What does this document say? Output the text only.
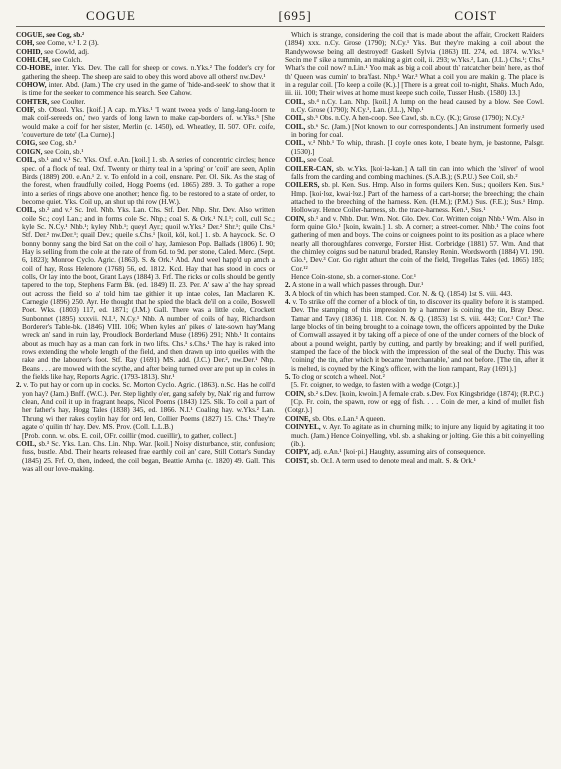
COGUE	[695]	COIST

COGUE, see Cog, sb.²

COH, see Come, v.¹ I. 2 (3).

COHID, see Cowld, adj.

COHLCH, see Colch.

CO-HOBE, inter. Yks. Dev. The call for sheep or cows. n.Yks.² The fodder's cry for gathering the sheep. The sheep are said to obey this word above all others! nw.Dev.¹

COHOW, inter. Abd. (Jam.) The cry used in the game of 'hide-and-seek' to show that it is time for the seeker to commence his search. See Cahow.

COHTER, see Coulter.

COIF, sb. Obsol. Yks. [koif.] A cap. m.Yks.¹ 'I want tweea yeds o' lang-lang-loorn te mak coif-sereeds on,' two yards of long lawn to make cap-borders of. w.Yks.⁵ [She would make a coif for her sister, Merlin (c. 1450), ed. Wheatley, II. 507. OFr. coife, 'couverture de tete' (La Curne).]

COIG, see Cog, sb.³

COIGN, see Coin, sb.¹

COIL, sb.¹ and v.¹ Sc. Yks. Oxf. e.An. [koil.] 1. sb. A series of concentric circles; hence spec. of a flock of teal. Oxf. Twenty or thirty teal in a 'spring' or 'coil' are seen, Aplin Birds (1889) 200. e.An.¹ 2. v. To enfold in a coil, ensnare. Per. Ol. Sik. As the stag of the forest, when fraudfully coiled, Hogg Poems (ed. 1865) 289. 3. To gather a rope into a series of rings above one another; hence fig. to be restored to a state of order, to become quiet. Yks. Coil up, an shut up thi row (H.W.).

COIL, sb.² and v.² Sc. Irel. Nhb. Yks. Lan. Chs. Stf. Der. Nhp. Shr. Dev. Also written coile Sc.; coyl Lan.; and in forms cole Sc. Nhp.; coal S. & Ork.¹ N.I.¹; coll, cull Sc.; kyle Sc. N.Cy.¹ Nhb.¹; kyley Nhb.¹; queyl Ayr.; quoil w.Yks.² Der.² Shr.¹; quile Chs.¹ Stf. Der.² nw.Der.¹; quail Dev.; queile s.Chs.¹ [koil, köl, kol.] 1. sb. A haycock. Sc. O bonny bonny sang the bird Sat on the coil o' hay, Jamieson Pop. Ballads (1806) I. 90; Hay is selling from the cole at the rate of from 6d. to 9d. per stone, Caled. Merc. (Sept. 6, 1823); Monroe Cyclo. Agric. (1863). S. & Ork.¹ Abd. And weel happ'd up amch a coil of hay, Ross Helenore (1768) 56, ed. 1812. Kcd. Hay that has stood in cocs or colls, Or lay into the boot, Grant Lays (1884) 3. Frf. The ricks or colls should be gently tapered to the top, Stephens Farm Bk. (ed. 1849) II. 23. Per. A' saw a' the hay spread out across the field so a' told him tae githier it up intae coles, Ian Maclaren K. Carnegie (1896) 250. Ayr. He thought that he spied the black de'il on a coile, Boswell Poet. Wks. (1803) 117, ed. 1871; (J.M.) Gall. There was a little cole, Crockett Sunbonnet (1895) xxxvii. N.I.¹, N.Cy.¹ Nhb. A number of coils of hay, Richardson Borderer's Table-bk. (1846) VIII. 106; When kyles an' pikes o' late-sown hay'Mang wreck an' sand in ruin lay, Proudlock Borderland Muse (1896) 291; Nhb.¹ It contains about as much hay as a man can fork in two lifts. Chs.¹ s.Chs.¹ The hay is raked into rows extending the whole length of the field, and then drawn up into queiles with the rake and the labourer's foot. Stf. Ray (1691) MS. add. (J.C.) Der.², nw.Der.¹ Nhp. Beans . . . are mowed with the scythe, and after being turned over are put up in coles in the fields like hay, Reports Agric. (1793-1813). Shr.¹

2. v. To put hay or corn up in cocks. Sc. Morton Cyclo. Agric. (1863). n.Sc. Has he coll'd yon hay? (Jam.) Bnff. (W.C.). Per. Step lightly o'er, gang safely by, Nak' rig and furrow clean, And coil it up in fragrant heaps, Nicol Poems (1843) 125. Slk. To coil a part of her father's hay, Hogg Tales (1838) 345, ed. 1866. N.I.¹ Coaling hay. w.Yks.² Lan. Thrung wi ther rakes coylin hay for ord Ien, Collier Poems (1827) 15. Chs.¹ They're agate o' quilin th' hay. Dev. MS. Prov. (Coll. L.L.B.)

[Prob. conn. w. obs. E. coil, OFr. coillir (mod. cueillir), to gather, collect.]

COIL, sb.³ Sc. Yks. Lan. Chs. Lin. Nhp. War. [koil.] Noisy disturbance, stir, confusion; fuss, bustle. Abd. Their hearts released frae earthly coil an' care, Still Cottar's Sunday (1845) 25. Frf. O, then, indeed, the coil began, Beattie Arnha (c. 1820) 49. Gall. This was all our love-making.

Which is strange, considering the coil that is made about the affair, Crockett Raiders (1894) xxx. n.Cy. Grose (1790); N.Cy.¹ Yks. But they're making a coil about the Randywowse being all destroyed! Gaskell Sylvia (1863) III. 274, ed. 1874. w.Yks.¹ Secin me I' sike a tummin, an making a girt coil, ii. 293; w.Yks.², Lan. (J.L.) Chs.¹; Chs.³ What's the coil now? n.Lin.¹ Yoo mak as big a coil about th' ratcatcher bein' here, as thof th' Queen was cumin' to bra'fast. Nhp.¹ War.³ What a coil you are makin g. The place is in a regular coil. [To keep a coile (K.).] [There is a great coil to-night, Shaks. Much Ado, iii. iii. 100; Their wives at home must keepe such coile, Tusser Husb. (1580) 13.]

COIL, sb.⁴ n.Cy. Lan. Nhp. [koil.] A lump on the head caused by a blow. See Cowl. n.Cy. Grose (1790); N.Cy.¹, Lan. (J.L.), Nhp.¹

COIL, sb.⁵ Obs. n.Cy. A hen-coop. See Cawl, sb. n.Cy. (K.); Grose (1790); N.Cy.²

COIL, sb.⁶ Sc. (Jam.) [Not known to our correspondents.] An instrument formerly used in boring for coal.

COIL, v.³ Nhb.¹ To whip, thrash. [I coyle ones kote, I beate hym, je bastonne, Palsgr. (1530).]

COIL, see Coal.

COILER-CAN, sb. w.Yks. [koi·lə-kan.] A tall tin can into which the 'sliver' of wool falls from the carding and combing machines. (S.A.B.); (S.P.U.) See Coil, sb.²

COILERS, sb. pl. Ken. Sus. Hmp. Also in forms quilers Ken. Sus.; quoilers Ken. Sus.¹ Hmp. [koi·lɘz, kwai·lɘz.] Part of the harness of a cart-horse; the breeching; the chain attached to the breeching of the harness. Ken. (H.M.); (P.M.) Sus. (F.E.); Sus.¹ Hmp. Holloway. Hence Coiler-harness, sb. the trace-harness. Ken.¹, Sus.¹

COIN, sb.¹ and v. Nhb. Dur. Wm. Not. Glo. Dev. Cor. Written coign Nhb.¹ Wm. Also in form quine Glo.¹ [koin, kwain.] 1. sb. A corner; a street-corner. Nhb.¹ The coins foot gathering of men and boys. The coins or coignees point to its position as a place where nearly all thoroughfares converge, Forster Hist. Corbridge (1881) 57. Wm. And that the chimley coigns sud be naturul braded, Ransley Renin. Wordsworth (1884) VI. 190. Glo.¹, Dev.³ Cor. Go right athurt the coin of the field, Tregellas Tales (ed. 1865) 185; Cor.¹²

Hence Coin-stone, sb. a corner-stone. Cor.¹

2. A stone in a wall which passes through. Dur.¹

3. A block of tin which has been stamped. Cor. N. & Q. (1854) 1st S. viii. 443.

4. v. To strike off the corner of a block of tin, to discover its quality before it is stamped. Dev. The stamping of this impression by a hammer is coining the tin, Bray Desc. Tamar and Tavy (1836) I. 118. Cor. N. & Q. (1853) 1st S. viii. 443; Cor.¹ Cor.³ The large blocks of tin being brought to a coinage town, the officers appointed by the Duke of Cornwall assayed it by taking off a piece of one of the under corners of the block of about a pound weight, partly by cutting, and partly by breaking; and if well purified, stamped the face of the block with the impression of the seal of the Duchy. This was 'coining' the tin, after which it became 'merchantable,' and not before. [The tin, after it is melted, is coyned by the King's officer, with the lion rampant, Ray (1691).]

5. To clog or scotch a wheel. Not.²

[5. Fr. coigner, to wedge, to fasten with a wedge (Cotgr.).]

COIN, sb.² s.Dev. [koin, kwoin.] A female crab. s.Dev. Fox Kingsbridge (1874); (R.P.C.)

[Cp. Fr. coin, the spawn, row or egg of fish. . . . Coin de mer, a kind of mullet fish (Cotgr.).]

COINE, sb. Obs. e.Lan.¹ A queen.

COINYEL, v. Ayr. To agitate as in churning milk; to injure any liquid by agitating it too much. (Jam.) Hence Coinyelling, vbl. sb. a shaking or jolting. Gie this a bit coinyelling (ib.).

COIPY, adj. e.An.¹ [koi·pi.] Haughty, assuming airs of consequence.

COIST, sb. Or.I. A term used to denote meal and malt. S. & Ork.¹
